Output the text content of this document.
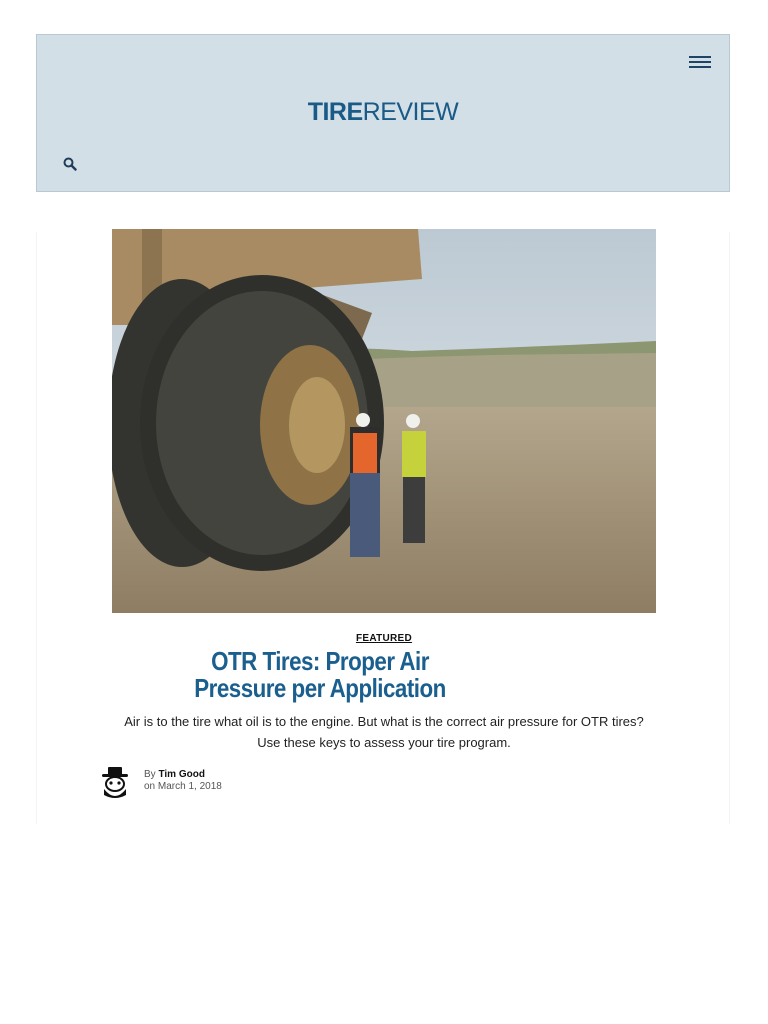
TIREREVIEW
FEATURED
OTR Tires: Proper Air Pressure per Application

Air is to the tire what oil is to the engine. But what is the correct air pressure for OTR tires? Use these keys to assess your tire program.

By Tim Good
on March 1, 2018
